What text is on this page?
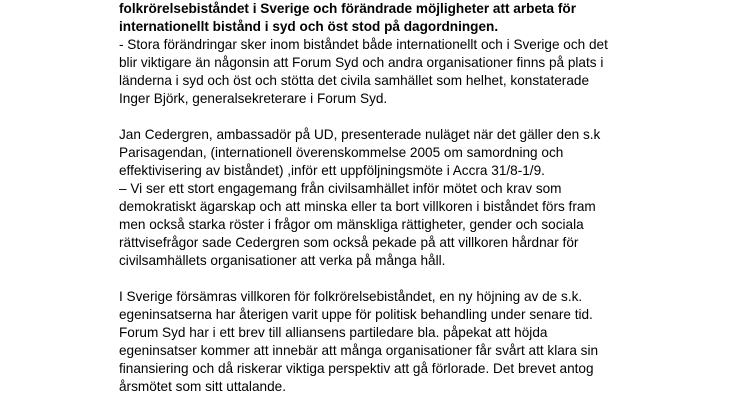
folkrörelsebiståndet i Sverige och förändrade möjligheter att arbeta för
internationellt bistånd i syd och öst stod på dagordningen.
- Stora förändringar sker inom biståndet både internationellt och i Sverige och det
blir viktigare än någonsin att Forum Syd och andra organisationer finns på plats i
länderna i syd och öst och stötta det civila samhället som helhet, konstaterade
Inger Björk, generalsekreterare i Forum Syd.
Jan Cedergren, ambassadör på UD, presenterade nuläget när det gäller den s.k
Parisagendan, (internationell överenskommelse 2005 om samordning och
effektivisering av biståndet) ,inför ett uppföljningsmöte i Accra 31/8-1/9.
– Vi ser ett stort engagemang från civilsamhället inför mötet och krav som
demokratiskt ägarskap och att minska eller ta bort villkoren i biståndet förs fram
men också starka röster i frågor om mänskliga rättigheter, gender och sociala
rättvisefrågor sade Cedergren som också pekade på att villkoren hårdnar för
civilsamhällets organisationer att verka på många håll.
I Sverige försämras villkoren för folkrörelsebiståndet, en ny höjning av de s.k.
egeninsatserna har återigen varit uppe för politisk behandling under senare tid.
Forum Syd har i ett brev till alliansens partiledare bla. påpekat att höjda
egeninsatser kommer att innebär att många organisationer får svårt att klara sin
finansiering och då riskerar viktiga perspektiv att gå förlorade. Det brevet antog
årsmötet som sitt uttalande.
